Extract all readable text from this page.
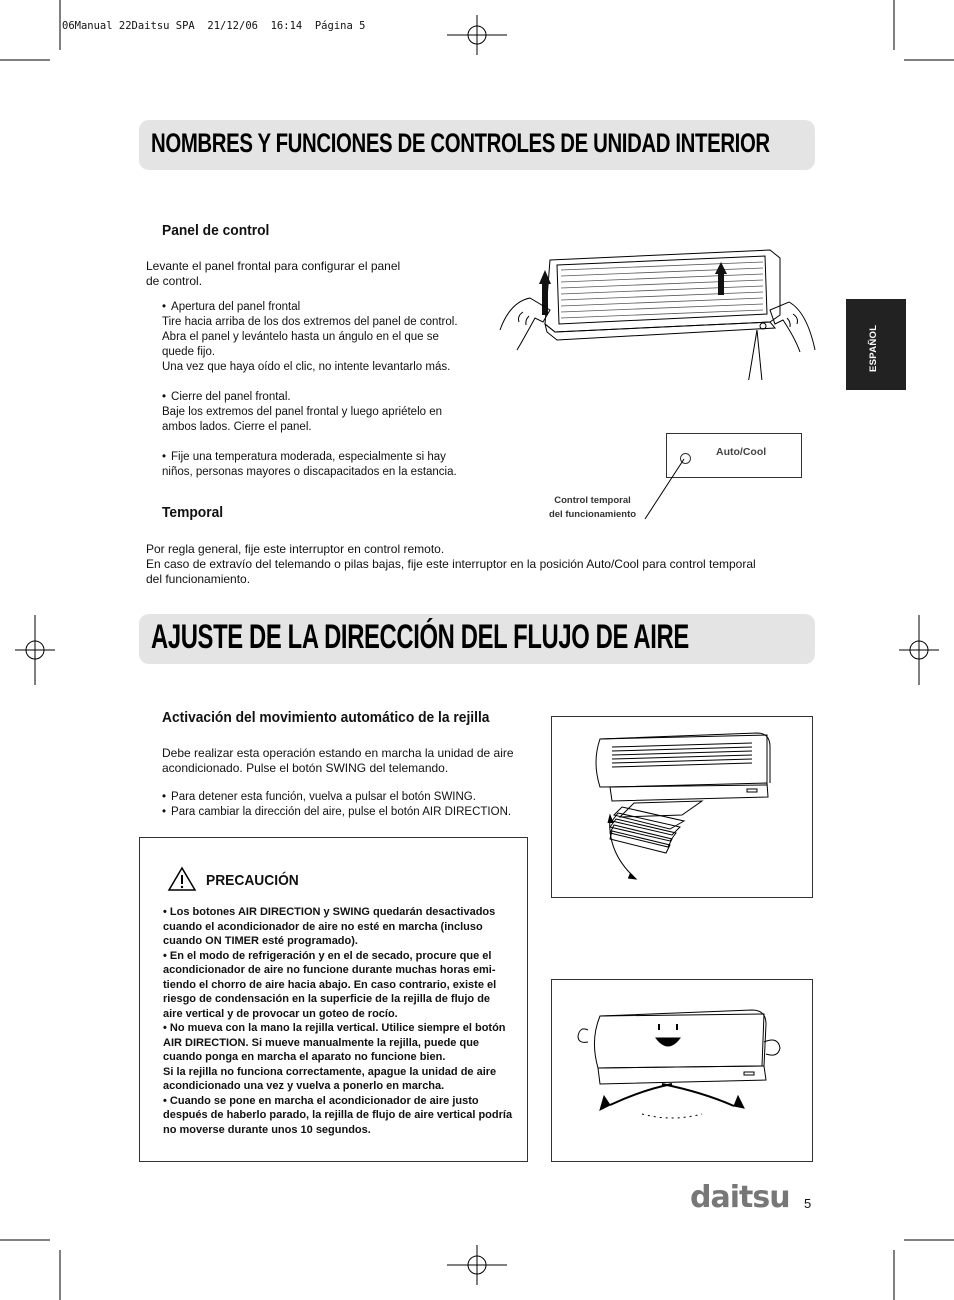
06Manual 22Daitsu SPA  21/12/06  16:14  Página 5
NOMBRES Y FUNCIONES DE CONTROLES DE UNIDAD INTERIOR
ESPAÑOL
Panel de control
Levante el panel frontal para configurar el panel
de control.
• Apertura del panel frontal
Tire hacia arriba de los dos extremos del panel de control.
Abra el panel y levántelo hasta un ángulo en el que se
quede fijo.
Una vez que haya oído el clic, no intente levantarlo más.
• Cierre del panel frontal.
Baje los extremos del panel frontal y luego apriételo en
ambos lados. Cierre el panel.
• Fije una temperatura moderada, especialmente si hay
niños, personas mayores o discapacitados en la estancia.
Auto/Cool
Control temporal
del funcionamiento
Temporal
Por regla general, fije este interruptor en control remoto.
En caso de extravío del telemando o pilas bajas, fije este interruptor en la posición Auto/Cool para control temporal
del funcionamiento.
AJUSTE DE LA DIRECCIÓN DEL FLUJO DE AIRE
Activación del movimiento automático de la rejilla
Debe realizar esta operación estando en marcha la unidad de aire
acondicionado. Pulse el botón SWING del telemando.
• Para detener esta función, vuelva a pulsar el botón SWING.
• Para cambiar la dirección del aire, pulse el botón AIR DIRECTION.
PRECAUCIÓN

• Los botones AIR DIRECTION y SWING quedarán desactivados

cuando el acondicionador de aire no esté en marcha (incluso

cuando ON TIMER esté programado).

• En el modo de refrigeración y en el de secado, procure que el

acondicionador de aire no funcione durante muchas horas emi-

tiendo el chorro de aire hacia abajo. En caso contrario, existe el

riesgo de condensación en la superficie de la rejilla de flujo de

aire vertical y de provocar un goteo de rocío.

• No mueva con la mano la rejilla vertical. Utilice siempre el botón

AIR DIRECTION. Si mueve manualmente la rejilla, puede que

cuando ponga en marcha el aparato no funcione bien.

Si la rejilla no funciona correctamente, apague la unidad de aire

acondicionado una vez y vuelva a ponerlo en marcha.

• Cuando se pone en marcha el acondicionador de aire justo

después de haberlo parado, la rejilla de flujo de aire vertical podría

no moverse durante unos 10 segundos.

daitsu 5
